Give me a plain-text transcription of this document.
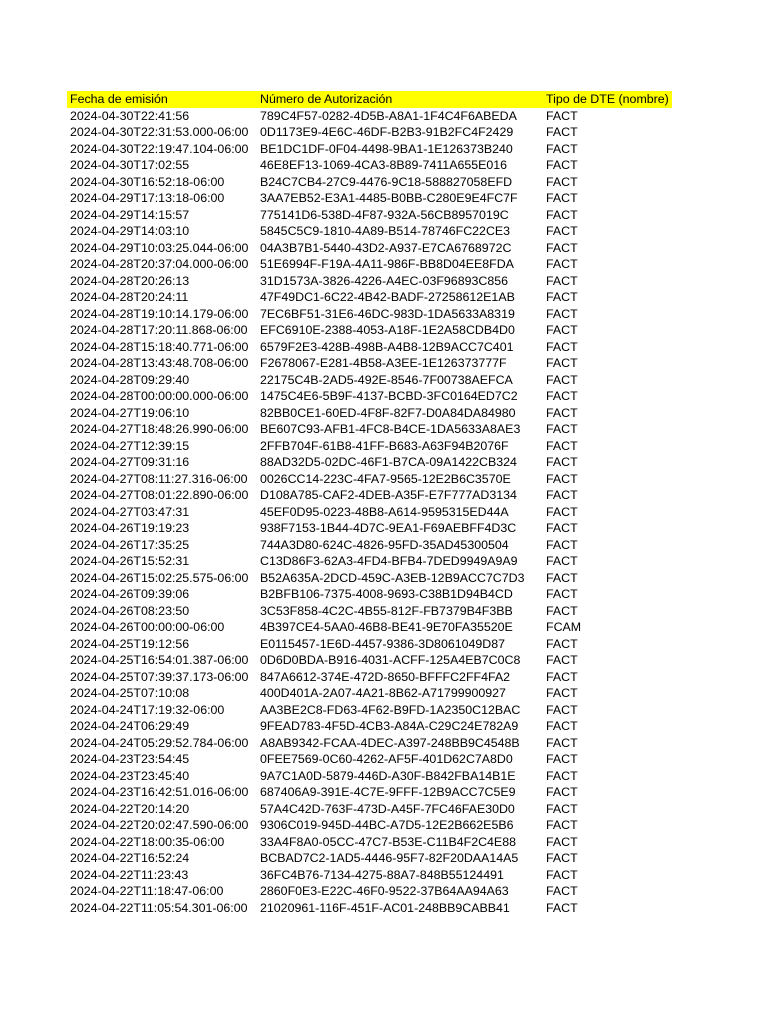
Fecha de emisión	Número de Autorización	Tipo de DTE (nombre)
2024-04-30T22:41:56	789C4F57-0282-4D5B-A8A1-1F4C4F6ABEDA	FACT
2024-04-30T22:31:53.000-06:00 0D1173E9-4E6C-46DF-B2B3-91B2FC4F2429	FACT
2024-04-30T22:19:47.104-06:00 BE1DC1DF-0F04-4498-9BA1-1E126373B240	FACT
2024-04-30T17:02:55	46E8EF13-1069-4CA3-8B89-7411A655E016	FACT
2024-04-30T16:52:18-06:00	B24C7CB4-27C9-4476-9C18-588827058EFD	FACT
2024-04-29T17:13:18-06:00	3AA7EB52-E3A1-4485-B0BB-C280E9E4FC7F	FACT
2024-04-29T14:15:57	775141D6-538D-4F87-932A-56CB8957019C	FACT
2024-04-29T14:03:10	5845C5C9-1810-4A89-B514-78746FC22CE3	FACT
2024-04-29T10:03:25.044-06:00 04A3B7B1-5440-43D2-A937-E7CA6768972C	FACT
2024-04-28T20:37:04.000-06:00 51E6994F-F19A-4A11-986F-BB8D04EE8FDA	FACT
2024-04-28T20:26:13	31D1573A-3826-4226-A4EC-03F96893C856	FACT
2024-04-28T20:24:11	47F49DC1-6C22-4B42-BADF-27258612E1AB	FACT
2024-04-28T19:10:14.179-06:00 7EC6BF51-31E6-46DC-983D-1DA5633A8319	FACT
2024-04-28T17:20:11.868-06:00	EFC6910E-2388-4053-A18F-1E2A58CDB4D0	FACT
2024-04-28T15:18:40.771-06:00 6579F2E3-428B-498B-A4B8-12B9ACC7C401	FACT
2024-04-28T13:43:48.708-06:00 F2678067-E281-4B58-A3EE-1E126373777F	FACT
2024-04-28T09:29:40	22175C4B-2AD5-492E-8546-7F00738AEFCA	FACT
2024-04-28T00:00:00.000-06:00 1475C4E6-5B9F-4137-BCBD-3FC0164ED7C2	FACT
2024-04-27T19:06:10	82BB0CE1-60ED-4F8F-82F7-D0A84DA84980	FACT
2024-04-27T18:48:26.990-06:00 BE607C93-AFB1-4FC8-B4CE-1DA5633A8AE3	FACT
2024-04-27T12:39:15	2FFB704F-61B8-41FF-B683-A63F94B2076F	FACT
2024-04-27T09:31:16	88AD32D5-02DC-46F1-B7CA-09A1422CB324	FACT
2024-04-27T08:11:27.316-06:00	0026CC14-223C-4FA7-9565-12E2B6C3570E	FACT
2024-04-27T08:01:22.890-06:00 D108A785-CAF2-4DEB-A35F-E7F777AD3134	FACT
2024-04-27T03:47:31	45EF0D95-0223-48B8-A614-9595315ED44A	FACT
2024-04-26T19:19:23	938F7153-1B44-4D7C-9EA1-F69AEBFF4D3C	FACT
2024-04-26T17:35:25	744A3D80-624C-4826-95FD-35AD45300504	FACT
2024-04-26T15:52:31	C13D86F3-62A3-4FD4-BFB4-7DED9949A9A9	FACT
2024-04-26T15:02:25.575-06:00 B52A635A-2DCD-459C-A3EB-12B9ACC7C7D3	FACT
2024-04-26T09:39:06	B2BFB106-7375-4008-9693-C38B1D94B4CD	FACT
2024-04-26T08:23:50	3C53F858-4C2C-4B55-812F-FB7379B4F3BB	FACT
2024-04-26T00:00:00-06:00	4B397CE4-5AA0-46B8-BE41-9E70FA35520E	FCAM
2024-04-25T19:12:56	E0115457-1E6D-4457-9386-3D8061049D87	FACT
2024-04-25T16:54:01.387-06:00 0D6D0BDA-B916-4031-ACFF-125A4EB7C0C8	FACT
2024-04-25T07:39:37.173-06:00 847A6612-374E-472D-8650-BFFFC2FF4FA2	FACT
2024-04-25T07:10:08	400D401A-2A07-4A21-8B62-A71799900927	FACT
2024-04-24T17:19:32-06:00	AA3BE2C8-FD63-4F62-B9FD-1A2350C12BAC	FACT
2024-04-24T06:29:49	9FEAD783-4F5D-4CB3-A84A-C29C24E782A9	FACT
2024-04-24T05:29:52.784-06:00 A8AB9342-FCAA-4DEC-A397-248BB9C4548B	FACT
2024-04-23T23:54:45	0FEE7569-0C60-4262-AF5F-401D62C7A8D0	FACT
2024-04-23T23:45:40	9A7C1A0D-5879-446D-A30F-B842FBA14B1E	FACT
2024-04-23T16:42:51.016-06:00 687406A9-391E-4C7E-9FFF-12B9ACC7C5E9	FACT
2024-04-22T20:14:20	57A4C42D-763F-473D-A45F-7FC46FAE30D0	FACT
2024-04-22T20:02:47.590-06:00 9306C019-945D-44BC-A7D5-12E2B662E5B6	FACT
2024-04-22T18:00:35-06:00	33A4F8A0-05CC-47C7-B53E-C11B4F2C4E88	FACT
2024-04-22T16:52:24	BCBAD7C2-1AD5-4446-95F7-82F20DAA14A5	FACT
2024-04-22T11:23:43	36FC4B76-7134-4275-88A7-848B55124491	FACT
2024-04-22T11:18:47-06:00	2860F0E3-E22C-46F0-9522-37B64AA94A63	FACT
2024-04-22T11:05:54.301-06:00	21020961-116F-451F-AC01-248BB9CABB41	FACT
